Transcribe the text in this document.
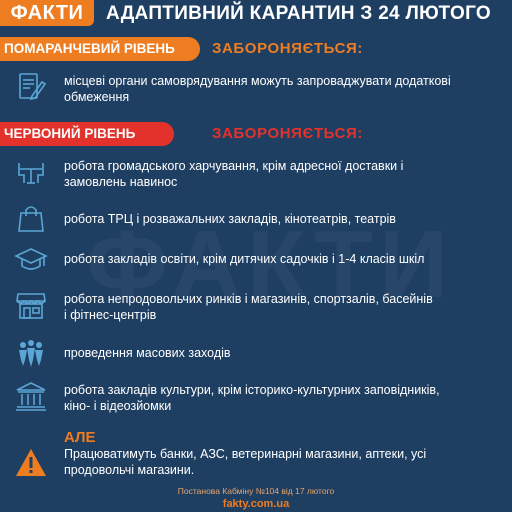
ФАКТИ	АДАПТИВНИЙ КАРАНТИН З 24 ЛЮТОГО
ПОМАРАНЧЕВИЙ РІВЕНЬ	ЗАБОРОНЯЄТЬСЯ:
місцеві органи самоврядування можуть запроваджувати додаткові
обмеження
ЧЕРВОНИЙ РІВЕНЬ	ЗАБОРОНЯЄТЬСЯ:
робота громадського харчування, крім адресної доставки і
замовлень навинос
робота ТРЦ і розважальних закладів, кінотеатрів, театрів
робота закладів освіти, крім дитячих садочків і 1-4 класів шкіл
робота непродовольчих ринків і магазинів, спортзалів, басейнів
і фітнес-центрів
проведення масових заходів
робота закладів культури, крім історико-культурних заповідників,
кіно- і відеозйомки
АЛЕ
Працюватимуть банки, АЗС, ветеринарні магазини, аптеки, усі
продовольчі магазини.
Постанова Кабміну №104 від 17 лютого
fakty.com.ua
